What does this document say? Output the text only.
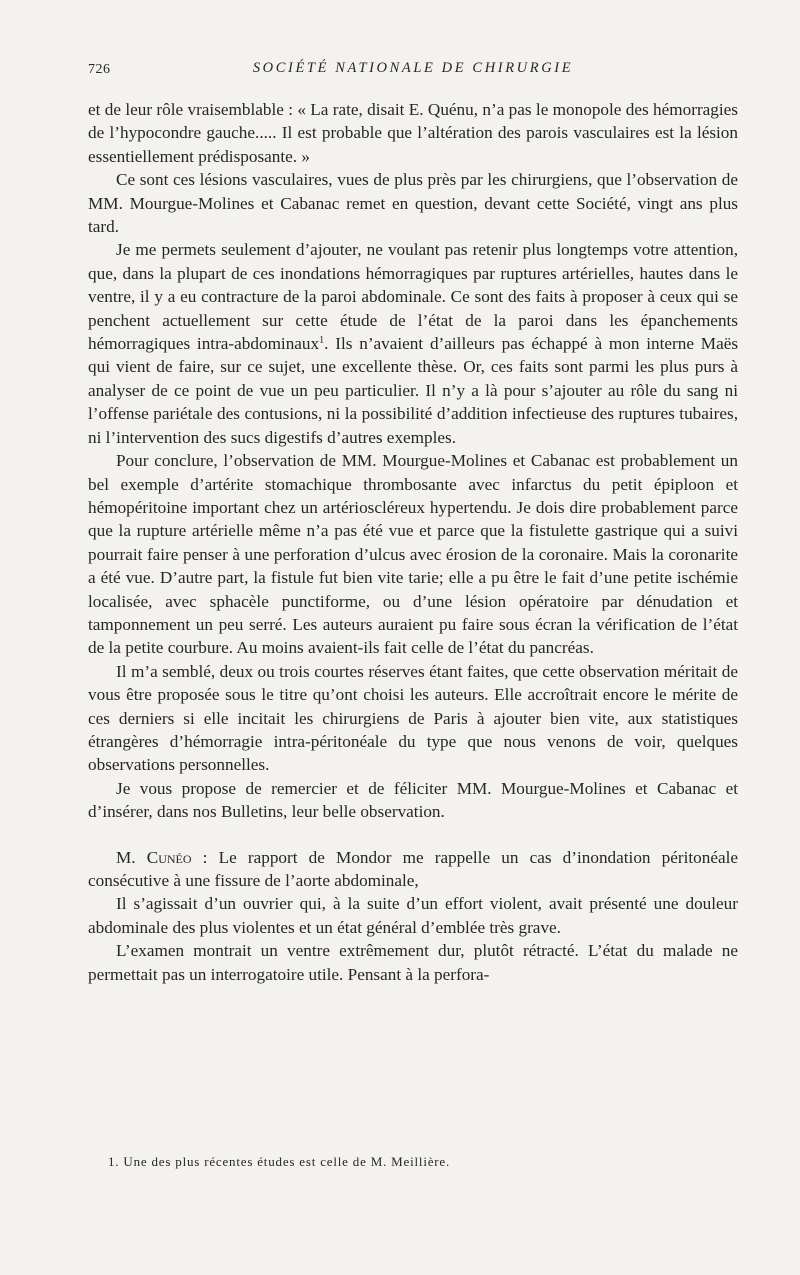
726	SOCIÉTÉ NATIONALE DE CHIRURGIE

et de leur rôle vraisemblable : « La rate, disait E. Quénu, n’a pas le monopole des hémorragies de l’hypocondre gauche..... Il est probable que l’altération des parois vasculaires est la lésion essentiellement prédisposante. »

Ce sont ces lésions vasculaires, vues de plus près par les chirurgiens, que l’observation de MM. Mourgue-Molines et Cabanac remet en question, devant cette Société, vingt ans plus tard.

Je me permets seulement d’ajouter, ne voulant pas retenir plus longtemps votre attention, que, dans la plupart de ces inondations hémorragiques par ruptures artérielles, hautes dans le ventre, il y a eu contracture de la paroi abdominale. Ce sont des faits à proposer à ceux qui se penchent actuellement sur cette étude de l’état de la paroi dans les épanchements hémorragiques intra-abdominaux$^1$. Ils n’avaient d’ailleurs pas échappé à mon interne Maës qui vient de faire, sur ce sujet, une excellente thèse. Or, ces faits sont parmi les plus purs à analyser de ce point de vue un peu particulier. Il n’y a là pour s’ajouter au rôle du sang ni l’offense pariétale des contusions, ni la possibilité d’addition infectieuse des ruptures tubaires, ni l’intervention des sucs digestifs d’autres exemples.

Pour conclure, l’observation de MM. Mourgue-Molines et Cabanac est probablement un bel exemple d’artérite stomachique thrombosante avec infarctus du petit épiploon et hémopéritoine important chez un artérioscléreux hypertendu. Je dois dire probablement parce que la rupture artérielle même n’a pas été vue et parce que la fistulette gastrique qui a suivi pourrait faire penser à une perforation d’ulcus avec érosion de la coronaire. Mais la coronarite a été vue. D’autre part, la fistule fut bien vite tarie; elle a pu être le fait d’une petite ischémie localisée, avec sphacèle punctiforme, ou d’une lésion opératoire par dénudation et tamponnement un peu serré. Les auteurs auraient pu faire sous écran la vérification de l’état de la petite courbure. Au moins avaient-ils fait celle de l’état du pancréas.

Il m’a semblé, deux ou trois courtes réserves étant faites, que cette observation méritait de vous être proposée sous le titre qu’ont choisi les auteurs. Elle accroîtrait encore le mérite de ces derniers si elle incitait les chirurgiens de Paris à ajouter bien vite, aux statistiques étrangères d’hémorragie intra-péritonéale du type que nous venons de voir, quelques observations personnelles.

Je vous propose de remercier et de féliciter MM. Mourgue-Molines et Cabanac et d’insérer, dans nos Bulletins, leur belle observation.

M. Cunéo : Le rapport de Mondor me rappelle un cas d’inondation péritonéale consécutive à une fissure de l’aorte abdominale,

Il s’agissait d’un ouvrier qui, à la suite d’un effort violent, avait présenté une douleur abdominale des plus violentes et un état général d’emblée très grave.

L’examen montrait un ventre extrêmement dur, plutôt rétracté. L’état du malade ne permettait pas un interrogatoire utile. Pensant à la perfora-

1. Une des plus récentes études est celle de M. Meillière.
